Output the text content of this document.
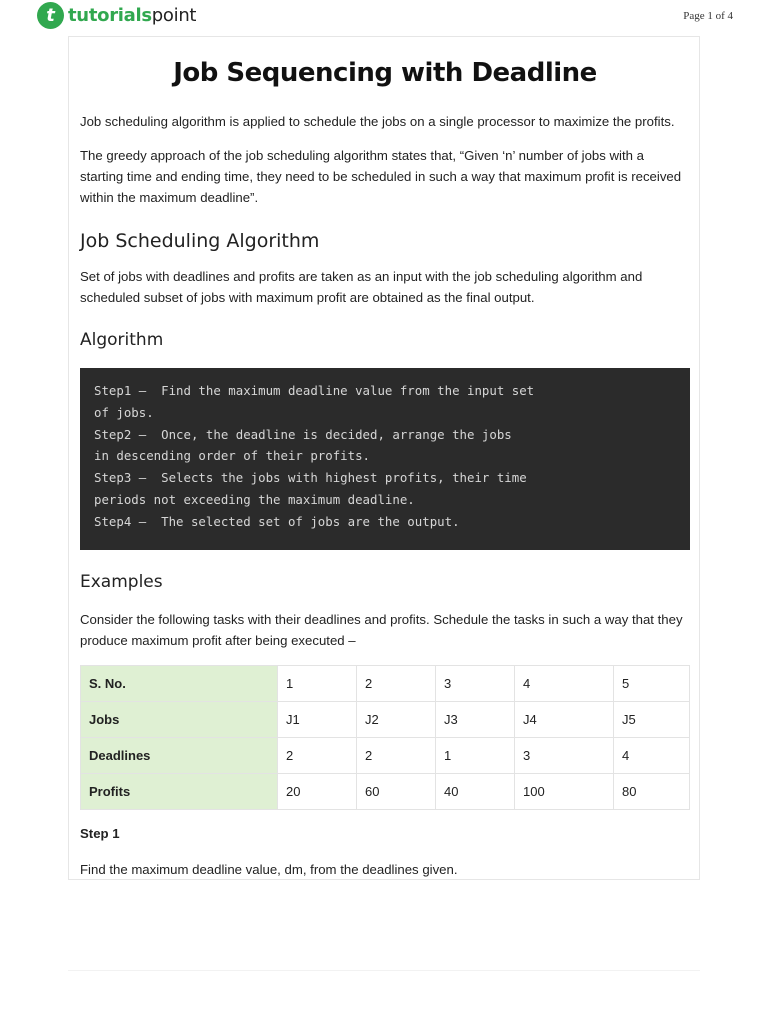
t tutorialspoint	Page 1 of 4
Job Sequencing with Deadline

Job scheduling algorithm is applied to schedule the jobs on a single processor to maximize the profits.

The greedy approach of the job scheduling algorithm states that, “Given ‘n’ number of jobs with a
starting time and ending time, they need to be scheduled in such a way that maximum profit is received
within the maximum deadline”.
Job Scheduling Algorithm
Set of jobs with deadlines and profits are taken as an input with the job scheduling algorithm and
scheduled subset of jobs with maximum profit are obtained as the final output.
Algorithm
Step1 –  Find the maximum deadline value from the input set
of jobs.
Step2 –  Once, the deadline is decided, arrange the jobs
in descending order of their profits.
Step3 –  Selects the jobs with highest profits, their time
periods not exceeding the maximum deadline.
Step4 –  The selected set of jobs are the output.
Examples
Consider the following tasks with their deadlines and profits. Schedule the tasks in such a way that they
produce maximum profit after being executed –
S. No.	1	2	3	4	5
Jobs	J1	J2	J3	J4	J5
Deadlines	2	2	1	3	4
Profits	20	60	40	100	80
Step 1

Find the maximum deadline value, dm, from the deadlines given.
